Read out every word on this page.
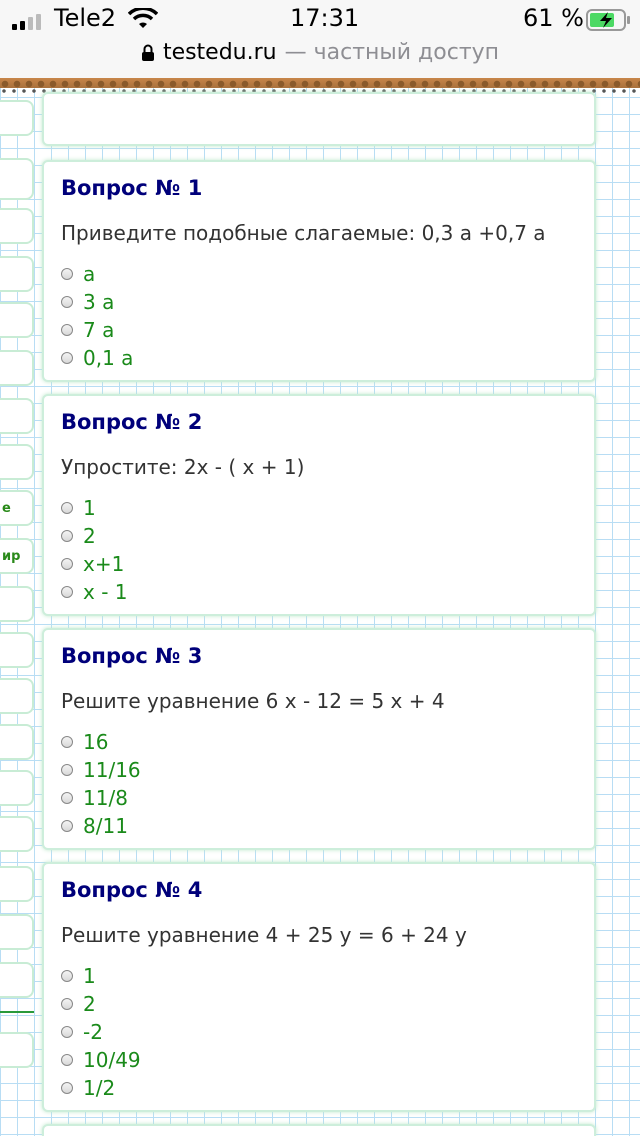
Tele2	17:31	61 %
testedu.ru — частный доступ
е
ир
Вопрос № 1
Приведите подобные слагаемые: 0,3 а +0,7 а
а
3 а
7 а
0,1 а
Вопрос № 2
Упростите: 2х - ( х + 1)
1
2
х+1
х - 1
Вопрос № 3
Решите уравнение 6 х - 12 = 5 х + 4
16
11/16
11/8
8/11
Вопрос № 4
Решите уравнение 4 + 25 у = 6 + 24 у
1
2
-2
10/49
1/2
